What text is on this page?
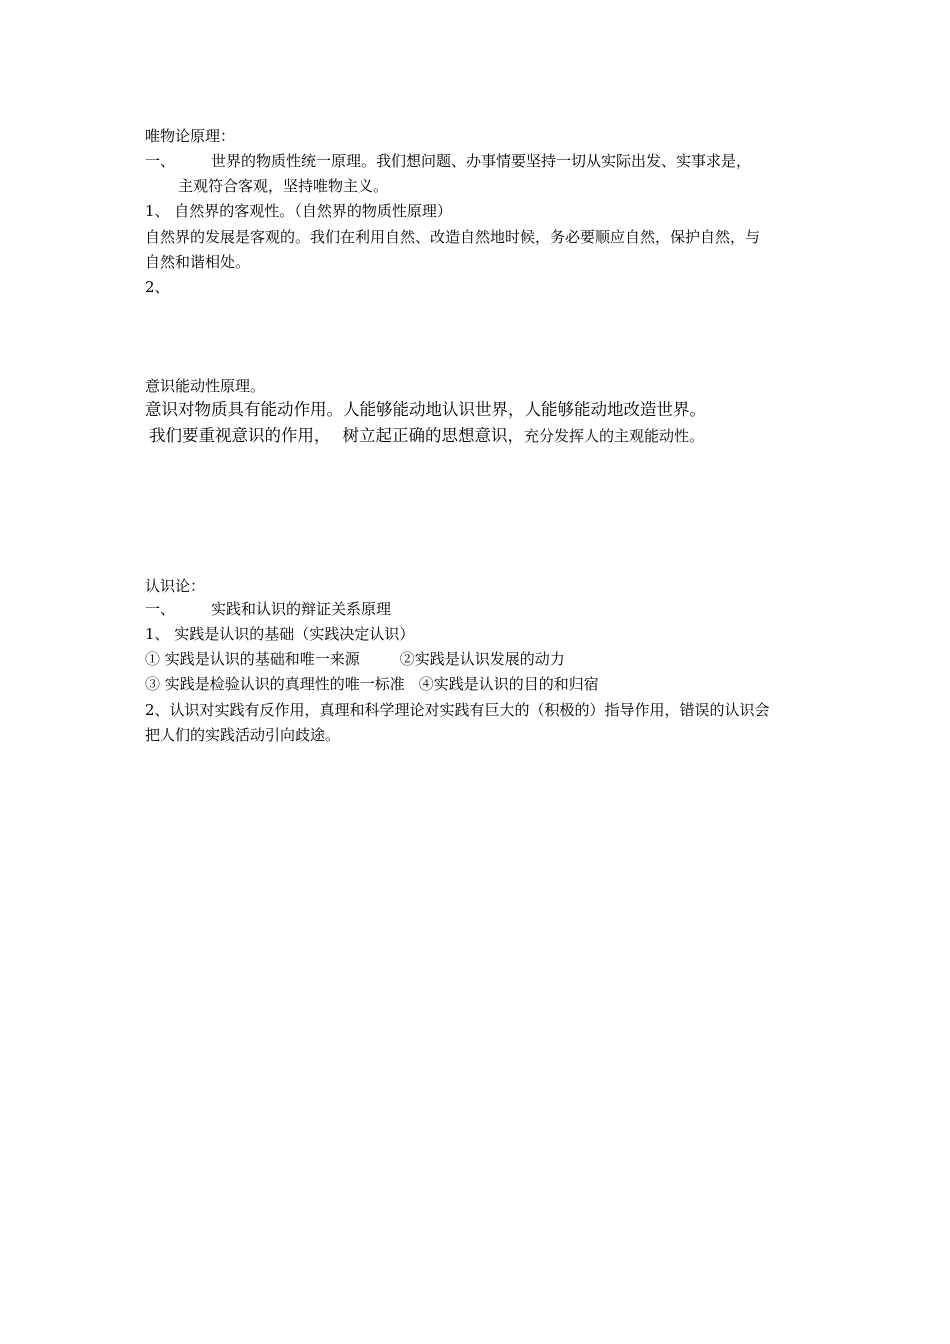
唯物论原理：
一、 世界的物质性统一原理。我们想问题、办事情要坚持一切从实际出发、实事求是，
主观符合客观，坚持唯物主义。
1、 自然界的客观性。（自然界的物质性原理）
自然界的发展是客观的。我们在利用自然、改造自然地时候，务必要顺应自然，保护自然，与
自然和谐相处。
2、
意识能动性原理。
意识对物质具有能动作用。人能够能动地认识世界，人能够能动地改造世界。
我们要重视意识的作用， 树立起正确的思想意识，充分发挥人的主观能动性。
认识论：
一、 实践和认识的辩证关系原理
1、 实践是认识的基础（实践决定认识）
① 实践是认识的基础和唯一来源	②实践是认识发展的动力
③ 实践是检验认识的真理性的唯一标准 ④实践是认识的目的和归宿
2、认识对实践有反作用，真理和科学理论对实践有巨大的（积极的）指导作用，错误的认识会
把人们的实践活动引向歧途。
